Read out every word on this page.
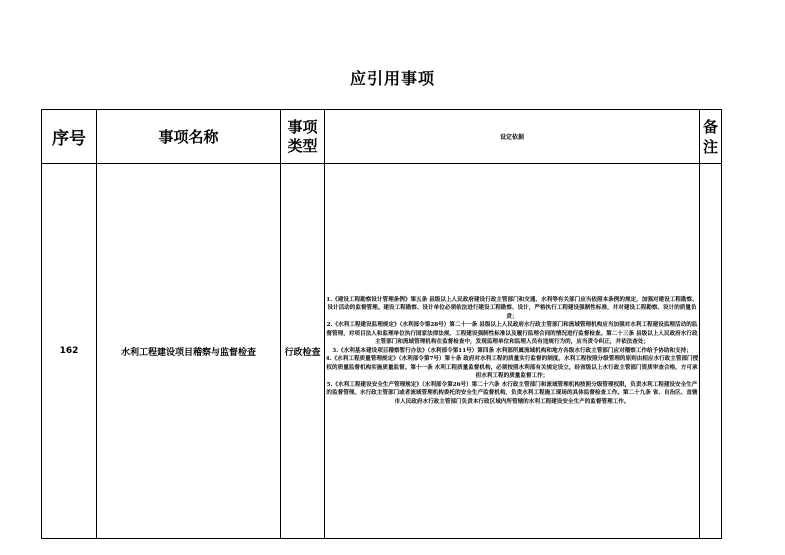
应引用事项
序号	事项名称	事项类型	设定依据	备注
162	水利工程建设项目稽察与监督检查	行政检查	1.《建设工程勘察设计管理条例》第五条 县级以上人民政府建设行政主管部门和交通、水利等有关部门应当依照本条例的规定，加强对建设工程勘察、设计活动的监督管理。建设工程勘察、设计单位必须依法进行建设工程勘察、设计，严格执行工程建设强制性标准，并对建设工程勘察、设计的质量负责；
2.《水利工程建设监理规定》（水利部令第28号）第二十一条 县级以上人民政府水行政主管部门和流域管理机构应当加强对水利工程建设监理活动的监督管理，对项目法人和监理单位执行国家法律法规、工程建设强制性标准以及履行监理合同的情况进行监督检查。第二十三条 县级以上人民政府水行政主管部门和流域管理机构在监督检查中，发现监理单位和监理人员有违规行为的，应当责令纠正，并依法查处；
3.《水利基本建设项目稽察暂行办法》（水利部令第11号）第四条 水利部所属流域机构和地方各级水行政主管部门应对稽察工作给予协助和支持；
4.《水利工程质量管理规定》（水利部令第7号）第十条 政府对水利工程的质量实行监督的制度。水利工程按照分级管理的原则由相应水行政主管部门授权的质量监督机构实施质量监督。第十一条 水利工程质量监督机构，必须按照水利部有关规定设立，经省级以上水行政主管部门资质审查合格，方可承担水利工程的质量监督工作；
5.《水利工程建设安全生产管理规定》（水利部令第26号）第二十六条 水行政主管部门和流域管理机构按照分级管理权限，负责水利工程建设安全生产的监督管理。水行政主管部门或者流域管理机构委托的安全生产监督机构，负责水利工程施工现场的具体监督检查工作。第二十九条 省、自治区、直辖市人民政府水行政主管部门负责本行政区域内所管辖的水利工程建设安全生产的监督管理工作。	
